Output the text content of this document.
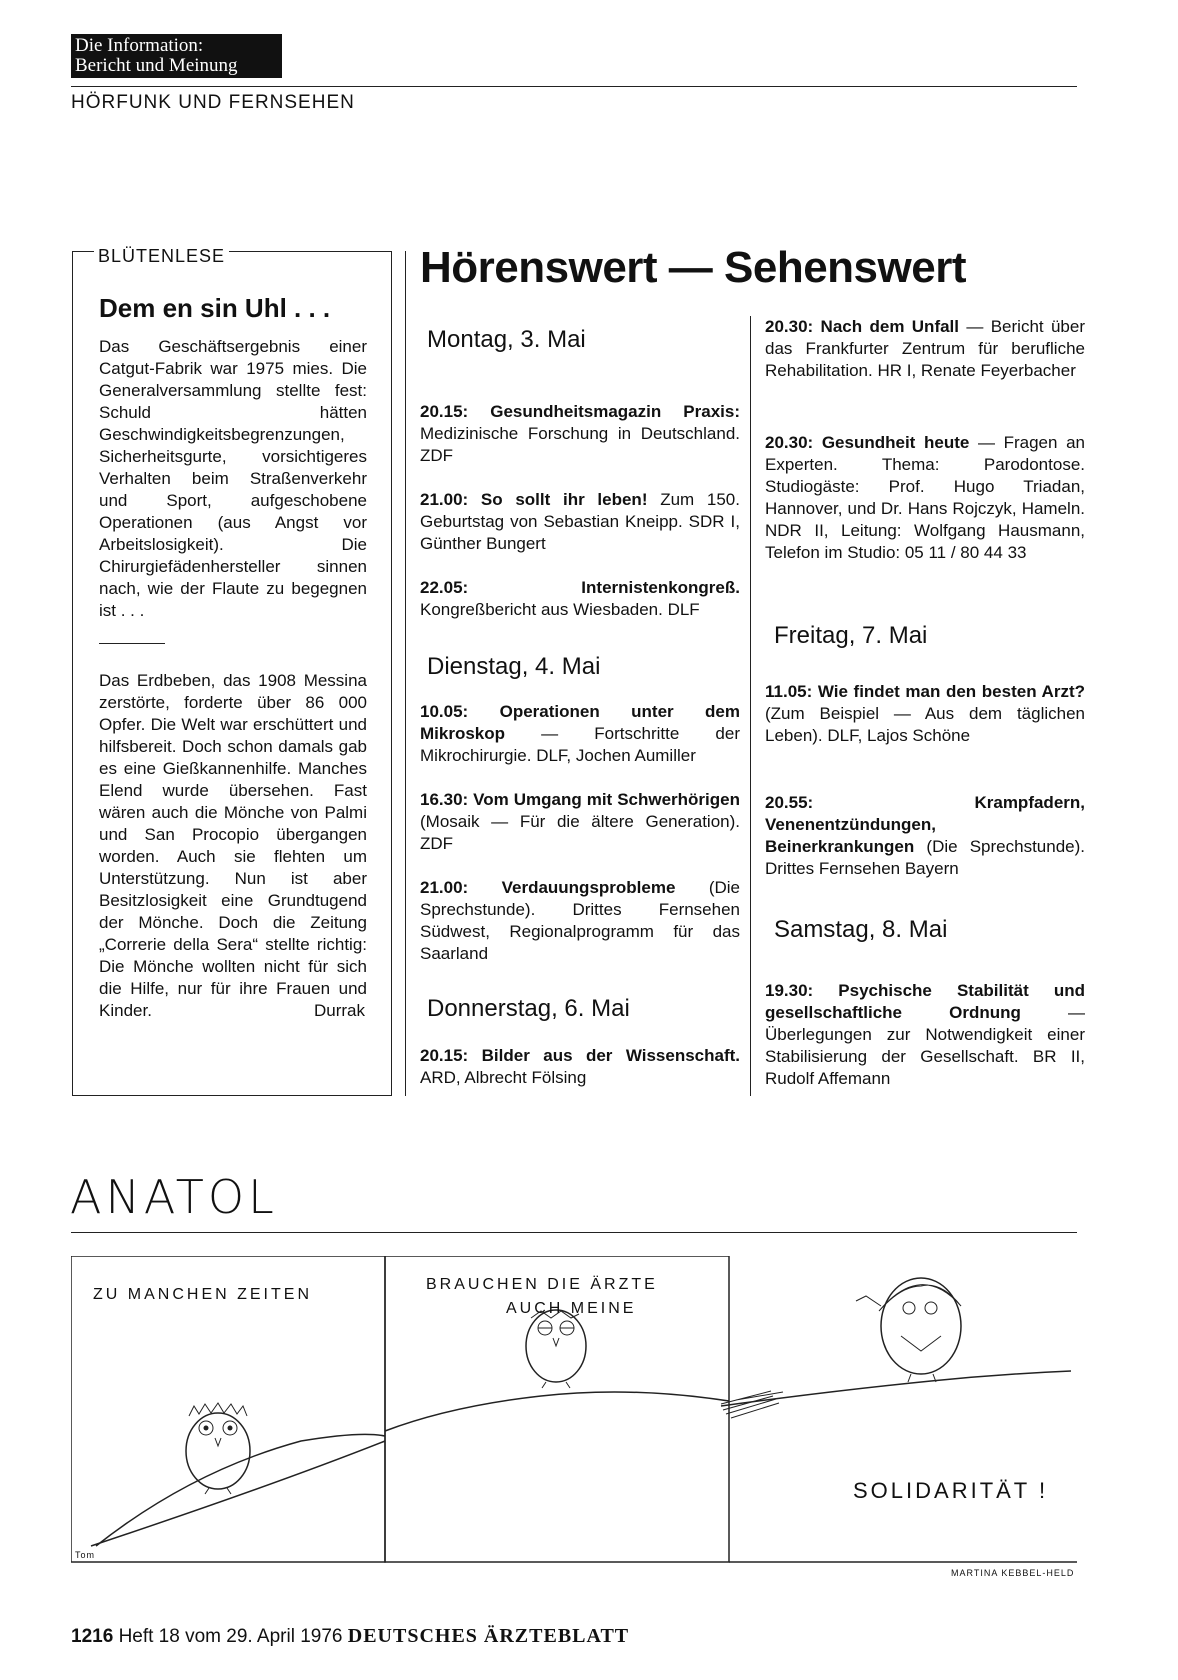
Die Information:
Bericht und Meinung
HÖRFUNK UND FERNSEHEN
BLÜTENLESE
Dem en sin Uhl . . .
Das Geschäftsergebnis einer Catgut-Fabrik war 1975 mies. Die Generalversammlung stellte fest: Schuld hätten Geschwindigkeitsbegrenzungen, Sicherheitsgurte, vorsichtigeres Verhalten beim Straßenverkehr und Sport, aufgeschobene Operationen (aus Angst vor Arbeitslosigkeit). Die Chirurgiefädenhersteller sinnen nach, wie der Flaute zu begegnen ist . . .
Das Erdbeben, das 1908 Messina zerstörte, forderte über 86 000 Opfer. Die Welt war erschüttert und hilfsbereit. Doch schon damals gab es eine Gießkannenhilfe. Manches Elend wurde übersehen. Fast wären auch die Mönche von Palmi und San Procopio übergangen worden. Auch sie flehten um Unterstützung. Nun ist aber Besitzlosigkeit eine Grundtugend der Mönche. Doch die Zeitung „Correrie della Sera“ stellte richtig: Die Mönche wollten nicht für sich die Hilfe, nur für ihre Frauen und Kinder.	Durrak
Hörenswert — Sehenswert
Montag, 3. Mai
20.15: Gesundheitsmagazin Praxis: Medizinische Forschung in Deutschland. ZDF
21.00: So sollt ihr leben! Zum 150. Geburtstag von Sebastian Kneipp. SDR I, Günther Bungert
22.05: Internistenkongreß. Kongreßbericht aus Wiesbaden. DLF
Dienstag, 4. Mai
10.05: Operationen unter dem Mikroskop — Fortschritte der Mikrochirurgie. DLF, Jochen Aumiller
16.30: Vom Umgang mit Schwerhörigen (Mosaik — Für die ältere Generation). ZDF
21.00: Verdauungsprobleme (Die Sprechstunde). Drittes Fernsehen Südwest, Regionalprogramm für das Saarland
Donnerstag, 6. Mai
20.15: Bilder aus der Wissenschaft. ARD, Albrecht Fölsing
20.30: Nach dem Unfall — Bericht über das Frankfurter Zentrum für berufliche Rehabilitation. HR I, Renate Feyerbacher
20.30: Gesundheit heute — Fragen an Experten. Thema: Parodontose. Studiogäste: Prof. Hugo Triadan, Hannover, und Dr. Hans Rojczyk, Hameln. NDR II, Leitung: Wolfgang Hausmann, Telefon im Studio: 05 11 / 80 44 33
Freitag, 7. Mai
11.05: Wie findet man den besten Arzt? (Zum Beispiel — Aus dem täglichen Leben). DLF, Lajos Schöne
20.55: Krampfadern, Venenentzündungen, Beinerkrankungen (Die Sprechstunde). Drittes Fernsehen Bayern
Samstag, 8. Mai
19.30: Psychische Stabilität und gesellschaftliche Ordnung — Überlegungen zur Notwendigkeit einer Stabilisierung der Gesellschaft. BR II, Rudolf Affemann
ANATOL
ZU MANCHEN ZEITEN
BRAUCHEN DIE ÄRZTE
AUCH MEINE
SOLIDARITÄT !
Tom
MARTINA KEBBEL-HELD
1216 Heft 18 vom 29. April 1976 DEUTSCHES ÄRZTEBLATT
